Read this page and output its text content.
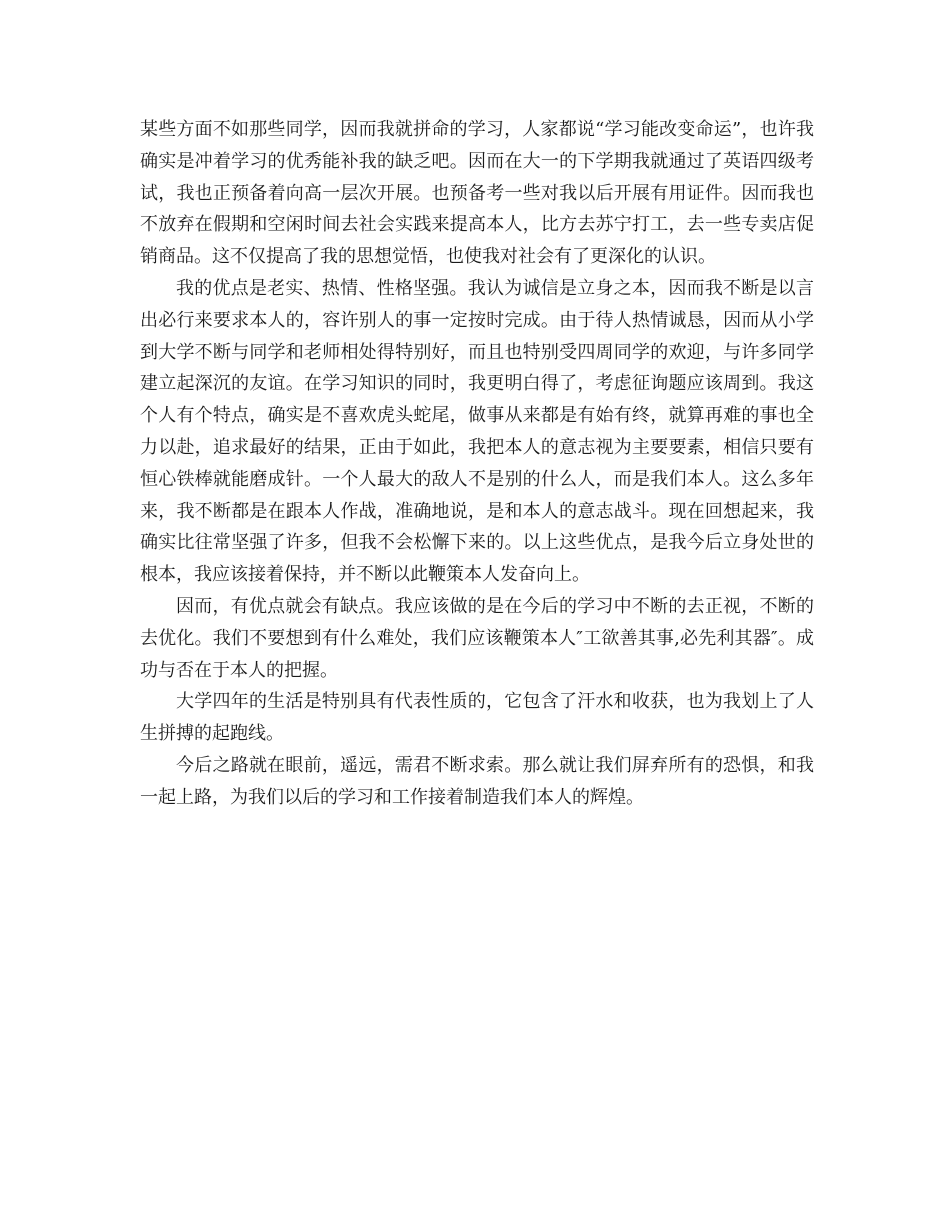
某些方面不如那些同学，因而我就拼命的学习，人家都说“学习能改变命运”，也许我确实是冲着学习的优秀能补我的缺乏吧。因而在大一的下学期我就通过了英语四级考试，我也正预备着向高一层次开展。也预备考一些对我以后开展有用证件。因而我也不放弃在假期和空闲时间去社会实践来提高本人，比方去苏宁打工，去一些专卖店促销商品。这不仅提高了我的思想觉悟，也使我对社会有了更深化的认识。

我的优点是老实、热情、性格坚强。我认为诚信是立身之本，因而我不断是以言出必行来要求本人的，容许别人的事一定按时完成。由于待人热情诚恳，因而从小学到大学不断与同学和老师相处得特别好，而且也特别受四周同学的欢迎，与许多同学建立起深沉的友谊。在学习知识的同时，我更明白得了，考虑征询题应该周到。我这个人有个特点，确实是不喜欢虎头蛇尾，做事从来都是有始有终，就算再难的事也全力以赴，追求最好的结果，正由于如此，我把本人的意志视为主要要素，相信只要有恒心铁棒就能磨成针。一个人最大的敌人不是别的什么人，而是我们本人。这么多年来，我不断都是在跟本人作战，准确地说，是和本人的意志战斗。现在回想起来，我确实比往常坚强了许多，但我不会松懈下来的。以上这些优点，是我今后立身处世的根本，我应该接着保持，并不断以此鞭策本人发奋向上。

因而，有优点就会有缺点。我应该做的是在今后的学习中不断的去正视，不断的去优化。我们不要想到有什么难处，我们应该鞭策本人″工欲善其事,必先利其器″。成功与否在于本人的把握。

大学四年的生活是特别具有代表性质的，它包含了汗水和收获，也为我划上了人生拼搏的起跑线。

今后之路就在眼前，遥远，需君不断求索。那么就让我们屏弃所有的恐惧，和我一起上路，为我们以后的学习和工作接着制造我们本人的辉煌。
